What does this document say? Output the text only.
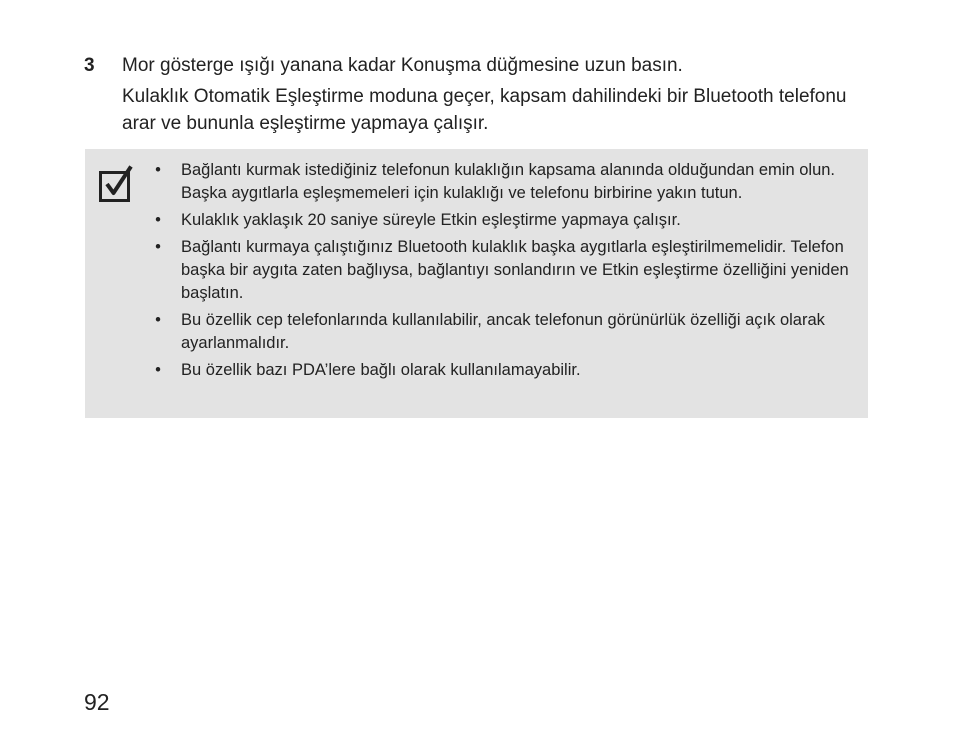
3 Mor gösterge ışığı yanana kadar Konuşma düğmesine uzun basın.
Kulaklık Otomatik Eşleştirme moduna geçer, kapsam dahilindeki bir Bluetooth telefonu arar ve bununla eşleştirme yapmaya çalışır.
• Bağlantı kurmak istediğiniz telefonun kulaklığın kapsama alanında olduğundan emin olun. Başka aygıtlarla eşleşmemeleri için kulaklığı ve telefonu birbirine yakın tutun.
• Kulaklık yaklaşık 20 saniye süreyle Etkin eşleştirme yapmaya çalışır.
• Bağlantı kurmaya çalıştığınız Bluetooth kulaklık başka aygıtlarla eşleştirilmemelidir. Telefon başka bir aygıta zaten bağlıysa, bağlantıyı sonlandırın ve Etkin eşleştirme özelliğini yeniden başlatın.
• Bu özellik cep telefonlarında kullanılabilir, ancak telefonun görünürlük özelliği açık olarak ayarlanmalıdır.
• Bu özellik bazı PDA’lere bağlı olarak kullanılamayabilir.
92
